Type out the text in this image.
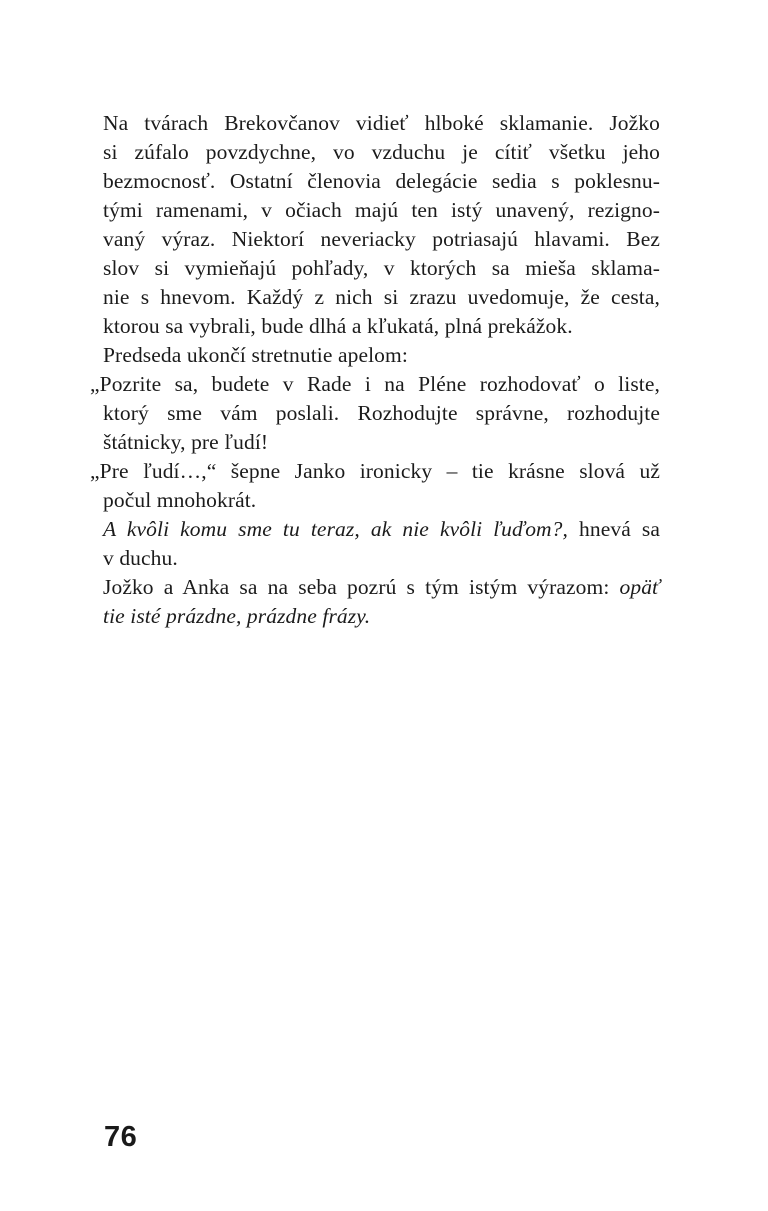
Na tvárach Brekovčanov vidieť hlboké sklamanie. Jožko
si zúfalo povzdychne, vo vzduchu je cítiť všetku jeho
bezmocnosť. Ostatní členovia delegácie sedia s poklesnu-
tými ramenami, v očiach majú ten istý unavený, rezigno-
vaný výraz. Niektorí neveriacky potriasajú hlavami. Bez
slov si vymieňajú pohľady, v ktorých sa mieša sklama-
nie s hnevom. Každý z nich si zrazu uvedomuje, že cesta,
ktorou sa vybrali, bude dlhá a kľukatá, plná prekážok.
Predseda ukončí stretnutie apelom:
„Pozrite sa, budete v Rade i na Pléne rozhodovať o liste,
ktorý sme vám poslali. Rozhodujte správne, rozhodujte
štátnicky, pre ľudí!
„Pre ľudí…,“ šepne Janko ironicky – tie krásne slová už
počul mnohokrát.
A kvôli komu sme tu teraz, ak nie kvôli ľuďom?, hnevá sa
v duchu.
Jožko a Anka sa na seba pozrú s tým istým výrazom: opäť
tie isté prázdne, prázdne frázy.
76
